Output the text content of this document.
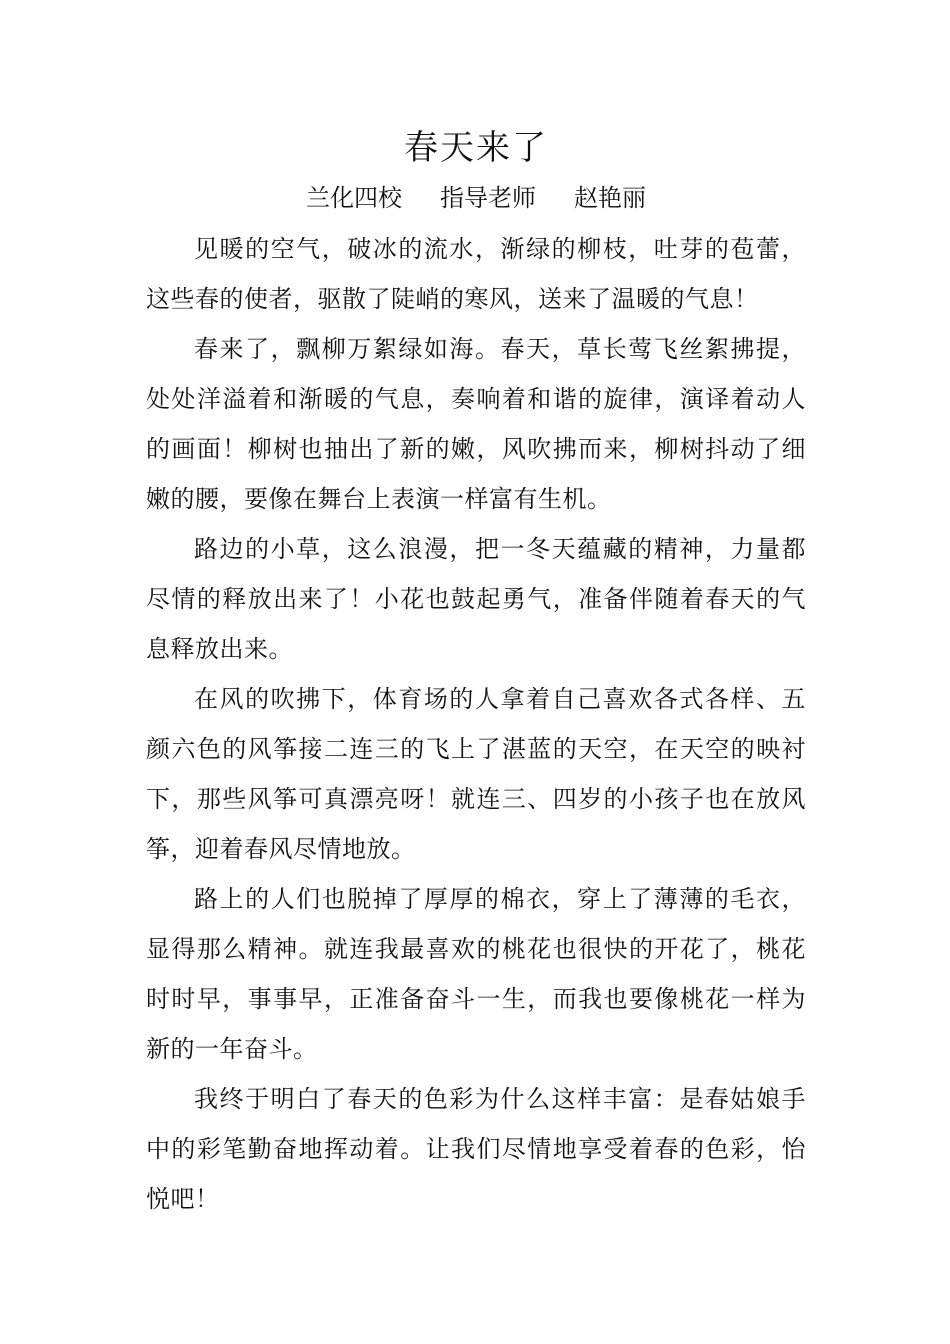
春天来了
兰化四校 指导老师 赵艳丽

见暖的空气，破冰的流水，渐绿的柳枝，吐芽的苞蕾，这些春的使者，驱散了陡峭的寒风，送来了温暖的气息！

春来了，飘柳万絮绿如海。春天，草长莺飞丝絮拂提，处处洋溢着和渐暖的气息，奏响着和谐的旋律，演译着动人的画面！柳树也抽出了新的嫩，风吹拂而来，柳树抖动了细嫩的腰，要像在舞台上表演一样富有生机。

路边的小草，这么浪漫，把一冬天蕴藏的精神，力量都尽情的释放出来了！小花也鼓起勇气，准备伴随着春天的气息释放出来。

在风的吹拂下，体育场的人拿着自己喜欢各式各样、五颜六色的风筝接二连三的飞上了湛蓝的天空，在天空的映衬下，那些风筝可真漂亮呀！就连三、四岁的小孩子也在放风筝，迎着春风尽情地放。

路上的人们也脱掉了厚厚的棉衣，穿上了薄薄的毛衣，显得那么精神。就连我最喜欢的桃花也很快的开花了，桃花时时早，事事早，正准备奋斗一生，而我也要像桃花一样为新的一年奋斗。

我终于明白了春天的色彩为什么这样丰富：是春姑娘手中的彩笔勤奋地挥动着。让我们尽情地享受着春的色彩，怡悦吧！
